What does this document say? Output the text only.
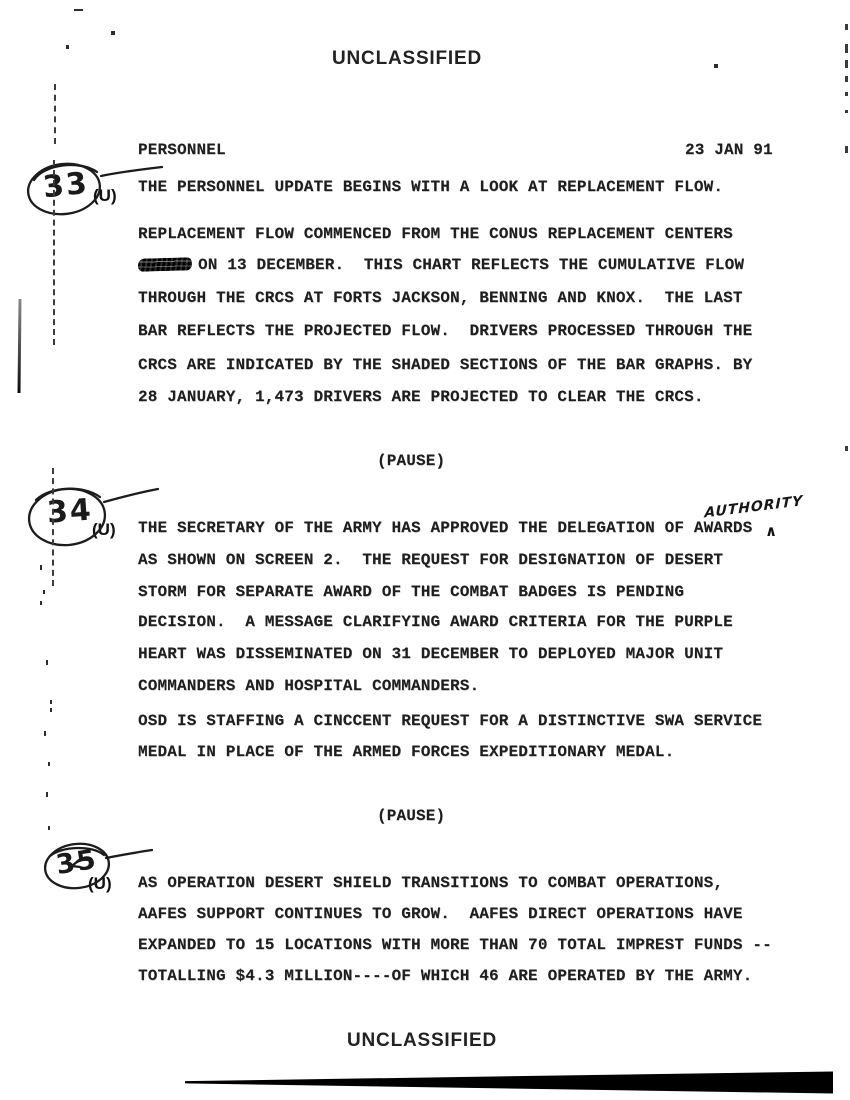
UNCLASSIFIED
UNCLASSIFIED
PERSONNEL	23 JAN 91
THE PERSONNEL UPDATE BEGINS WITH A LOOK AT REPLACEMENT FLOW.
REPLACEMENT FLOW COMMENCED FROM THE CONUS REPLACEMENT CENTERS
ON 13 DECEMBER.  THIS CHART REFLECTS THE CUMULATIVE FLOW
THROUGH THE CRCS AT FORTS JACKSON, BENNING AND KNOX.  THE LAST
BAR REFLECTS THE PROJECTED FLOW.  DRIVERS PROCESSED THROUGH THE
CRCS ARE INDICATED BY THE SHADED SECTIONS OF THE BAR GRAPHS. BY
28 JANUARY, 1,473 DRIVERS ARE PROJECTED TO CLEAR THE CRCS.
(PAUSE)
THE SECRETARY OF THE ARMY HAS APPROVED THE DELEGATION OF AWARDS
AS SHOWN ON SCREEN 2.  THE REQUEST FOR DESIGNATION OF DESERT
STORM FOR SEPARATE AWARD OF THE COMBAT BADGES IS PENDING
DECISION.  A MESSAGE CLARIFYING AWARD CRITERIA FOR THE PURPLE
HEART WAS DISSEMINATED ON 31 DECEMBER TO DEPLOYED MAJOR UNIT
COMMANDERS AND HOSPITAL COMMANDERS.
OSD IS STAFFING A CINCCENT REQUEST FOR A DISTINCTIVE SWA SERVICE
MEDAL IN PLACE OF THE ARMED FORCES EXPEDITIONARY MEDAL.
AUTHORITY
∧
(PAUSE)
AS OPERATION DESERT SHIELD TRANSITIONS TO COMBAT OPERATIONS,
AAFES SUPPORT CONTINUES TO GROW.  AAFES DIRECT OPERATIONS HAVE
EXPANDED TO 15 LOCATIONS WITH MORE THAN 70 TOTAL IMPREST FUNDS --
TOTALLING $4.3 MILLION----OF WHICH 46 ARE OPERATED BY THE ARMY.
33 (U)
34
(U)
35
(U)
